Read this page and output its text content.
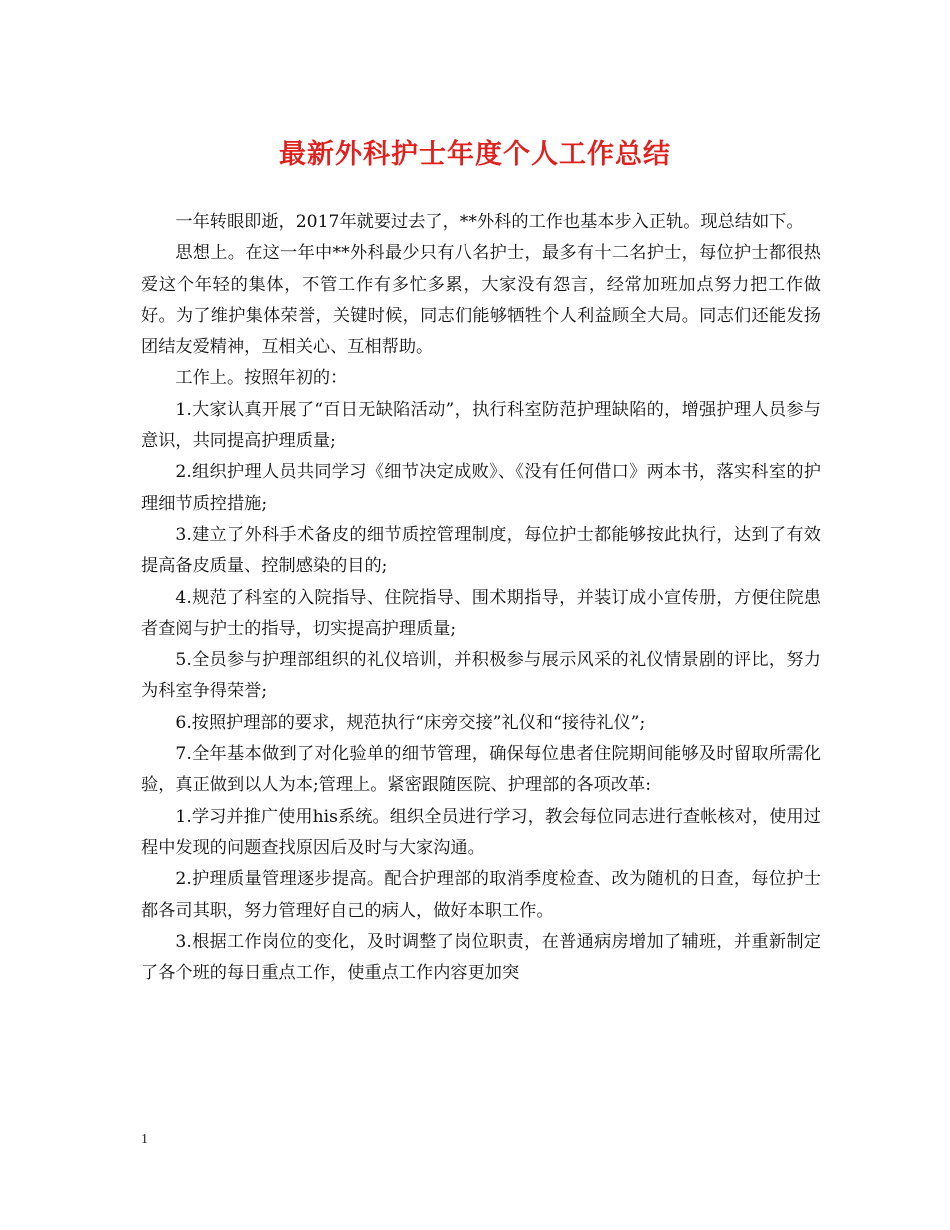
最新外科护士年度个人工作总结

一年转眼即逝，2017年就要过去了，**外科的工作也基本步入正轨。现总结如下。

思想上。在这一年中**外科最少只有八名护士，最多有十二名护士，每位护士都很热爱这个年轻的集体，不管工作有多忙多累，大家没有怨言，经常加班加点努力把工作做好。为了维护集体荣誉，关键时候，同志们能够牺牲个人利益顾全大局。同志们还能发扬团结友爱精神，互相关心、互相帮助。

工作上。按照年初的：

1.大家认真开展了“百日无缺陷活动”，执行科室防范护理缺陷的，增强护理人员参与意识，共同提高护理质量;

2.组织护理人员共同学习《细节决定成败》、《没有任何借口》两本书，落实科室的护理细节质控措施;

3.建立了外科手术备皮的细节质控管理制度，每位护士都能够按此执行，达到了有效提高备皮质量、控制感染的目的;

4.规范了科室的入院指导、住院指导、围术期指导，并装订成小宣传册，方便住院患者查阅与护士的指导，切实提高护理质量;

5.全员参与护理部组织的礼仪培训，并积极参与展示风采的礼仪情景剧的评比，努力为科室争得荣誉;

6.按照护理部的要求，规范执行“床旁交接”礼仪和“接待礼仪”;

7.全年基本做到了对化验单的细节管理，确保每位患者住院期间能够及时留取所需化验，真正做到以人为本;管理上。紧密跟随医院、护理部的各项改革:

1.学习并推广使用his系统。组织全员进行学习，教会每位同志进行查帐核对，使用过程中发现的问题查找原因后及时与大家沟通。

2.护理质量管理逐步提高。配合护理部的取消季度检查、改为随机的日查，每位护士都各司其职，努力管理好自己的病人，做好本职工作。

3.根据工作岗位的变化，及时调整了岗位职责，在普通病房增加了辅班，并重新制定了各个班的每日重点工作，使重点工作内容更加突

1
